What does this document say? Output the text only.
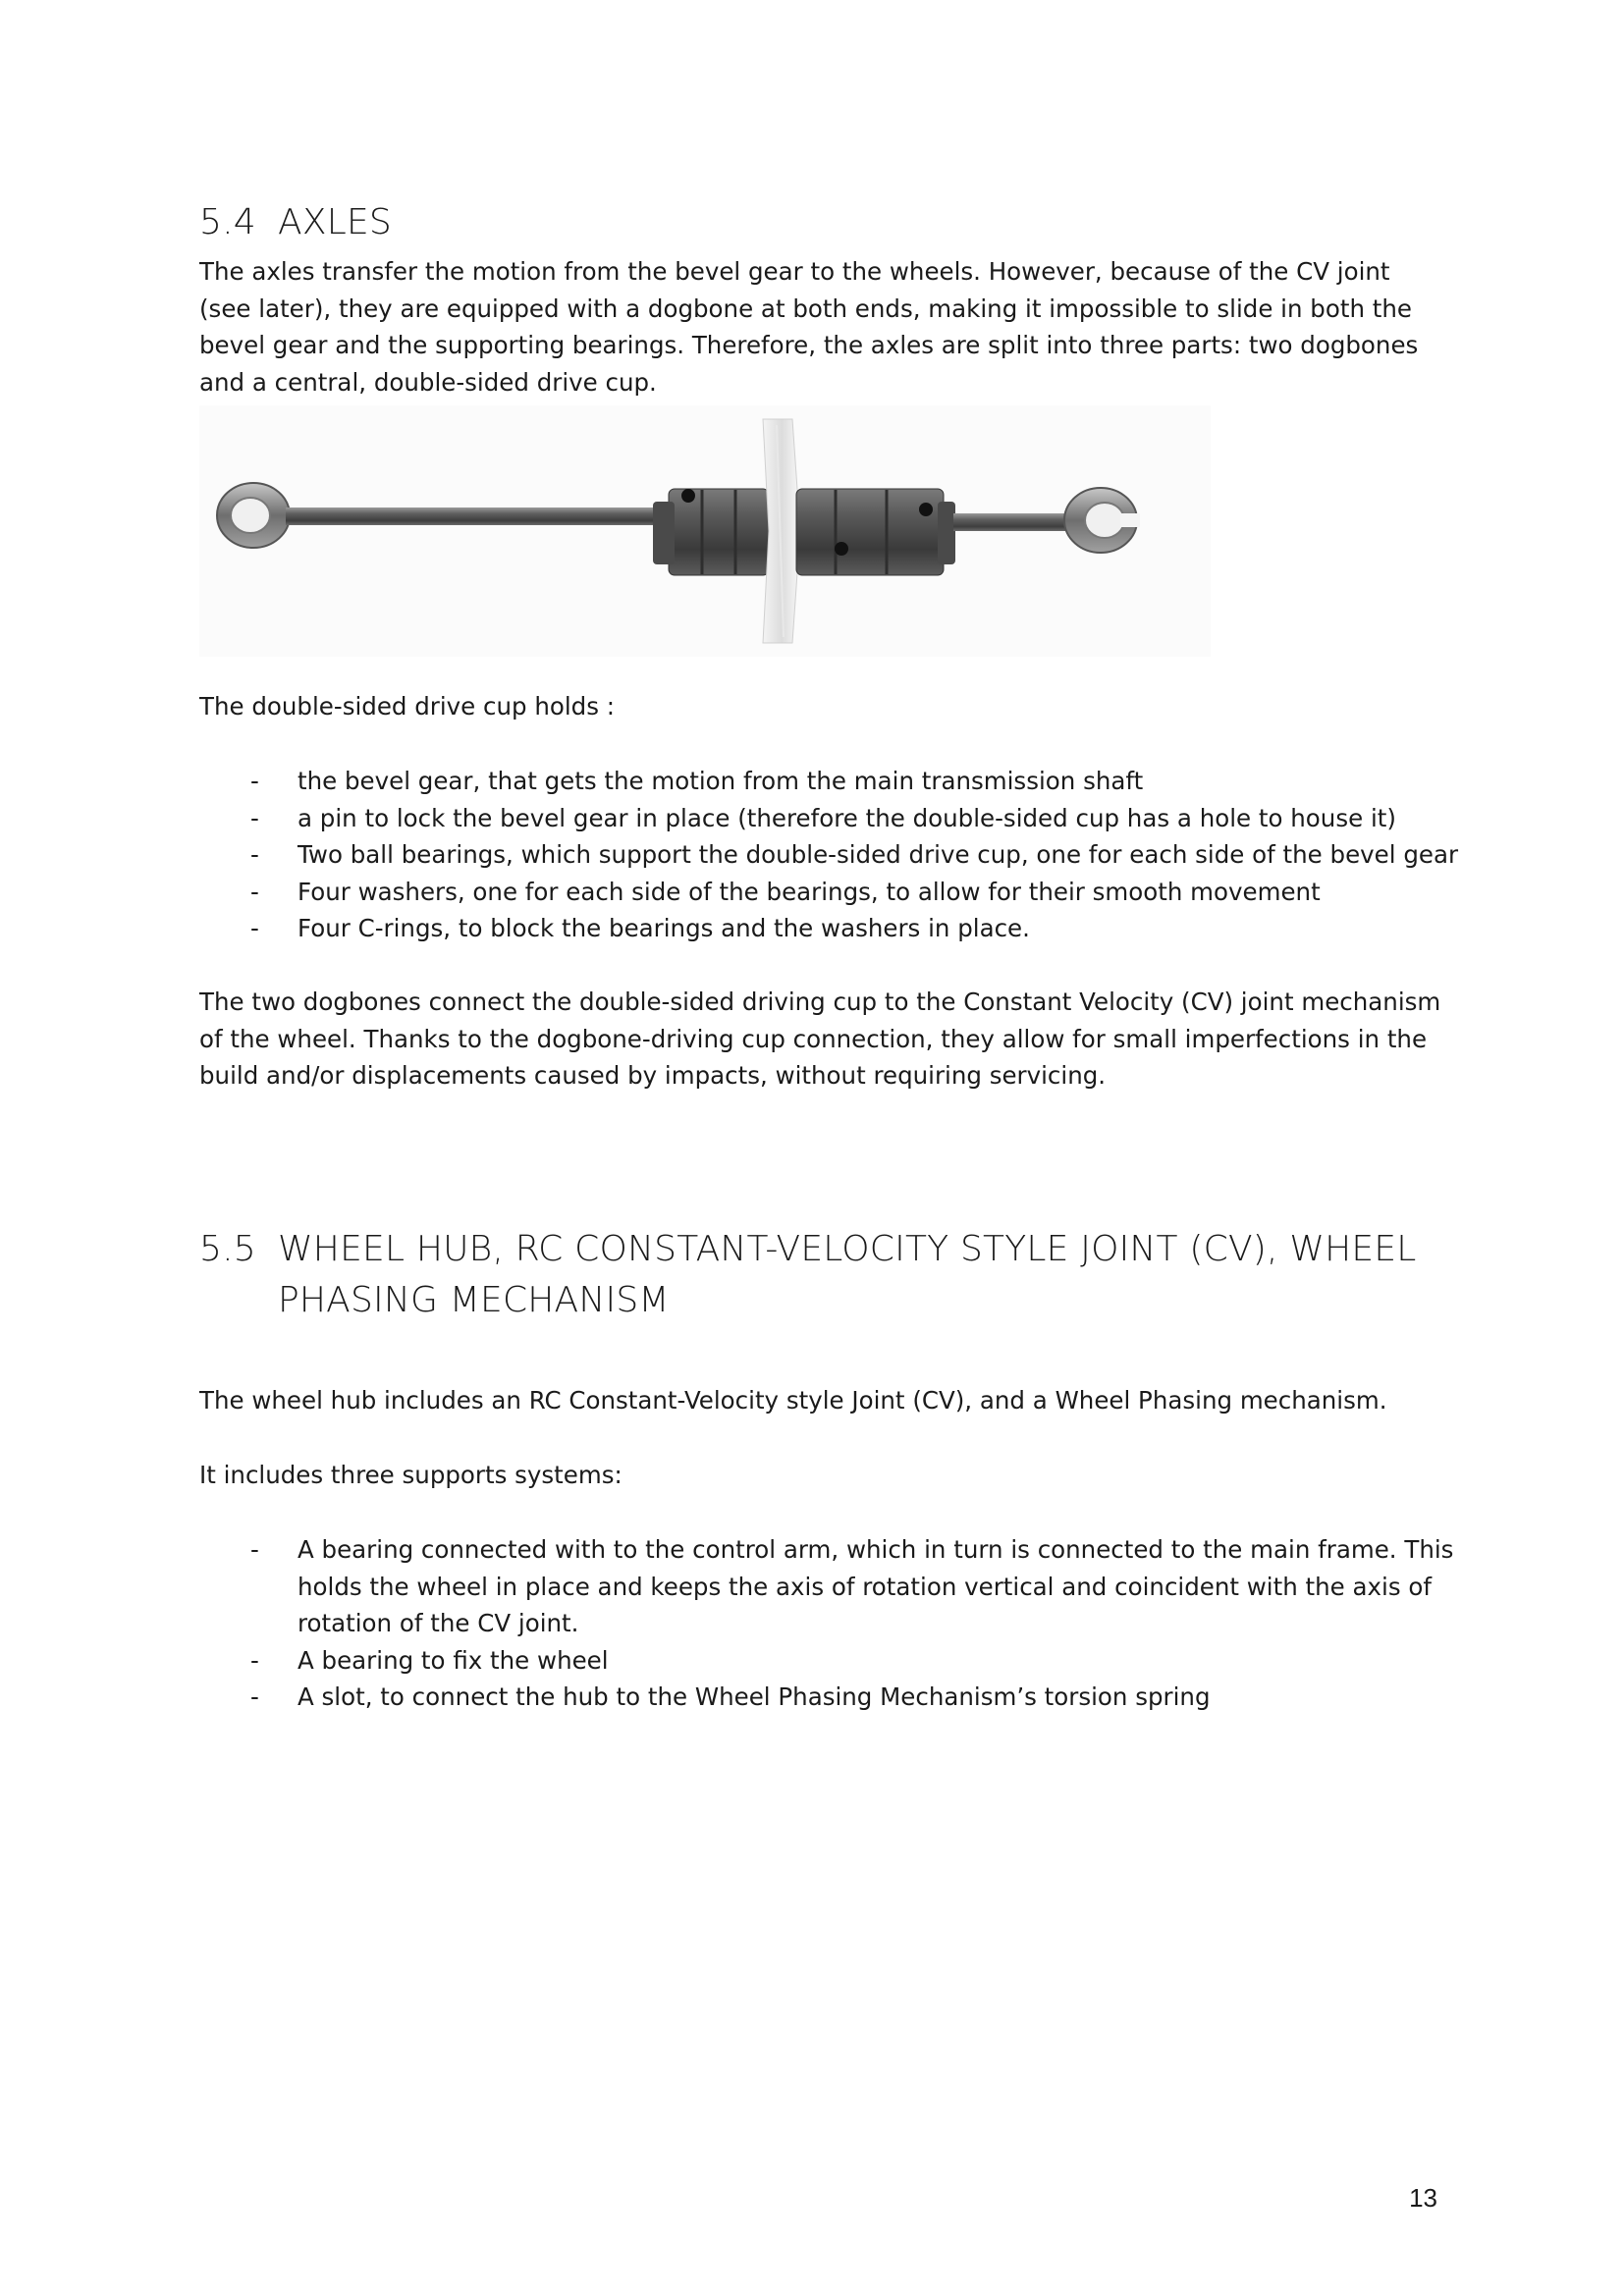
5.4 AXLES

The axles transfer the motion from the bevel gear to the wheels. However, because of the CV joint (see later), they are equipped with a dogbone at both ends, making it impossible to slide in both the bevel gear and the supporting bearings. Therefore, the axles are split into three parts: two dogbones and a central, double-sided drive cup.

The double-sided drive cup holds :

- the bevel gear, that gets the motion from the main transmission shaft
- a pin to lock the bevel gear in place (therefore the double-sided cup has a hole to house it)
- Two ball bearings, which support the double-sided drive cup, one for each side of the bevel gear
- Four washers, one for each side of the bearings, to allow for their smooth movement
- Four C-rings, to block the bearings and the washers in place.

The two dogbones connect the double-sided driving cup to the Constant Velocity (CV) joint mechanism of the wheel. Thanks to the dogbone-driving cup connection, they allow for small imperfections in the build and/or displacements caused by impacts, without requiring servicing.

5.5 WHEEL HUB, RC CONSTANT-VELOCITY STYLE JOINT (CV), WHEEL
PHASING MECHANISM

The wheel hub includes an RC Constant-Velocity style Joint (CV), and a Wheel Phasing mechanism.

It includes three supports systems:

- A bearing connected with to the control arm, which in turn is connected to the main frame. This holds the wheel in place and keeps the axis of rotation vertical and coincident with the axis of rotation of the CV joint.
- A bearing to fix the wheel
- A slot, to connect the hub to the Wheel Phasing Mechanism’s torsion spring
13
